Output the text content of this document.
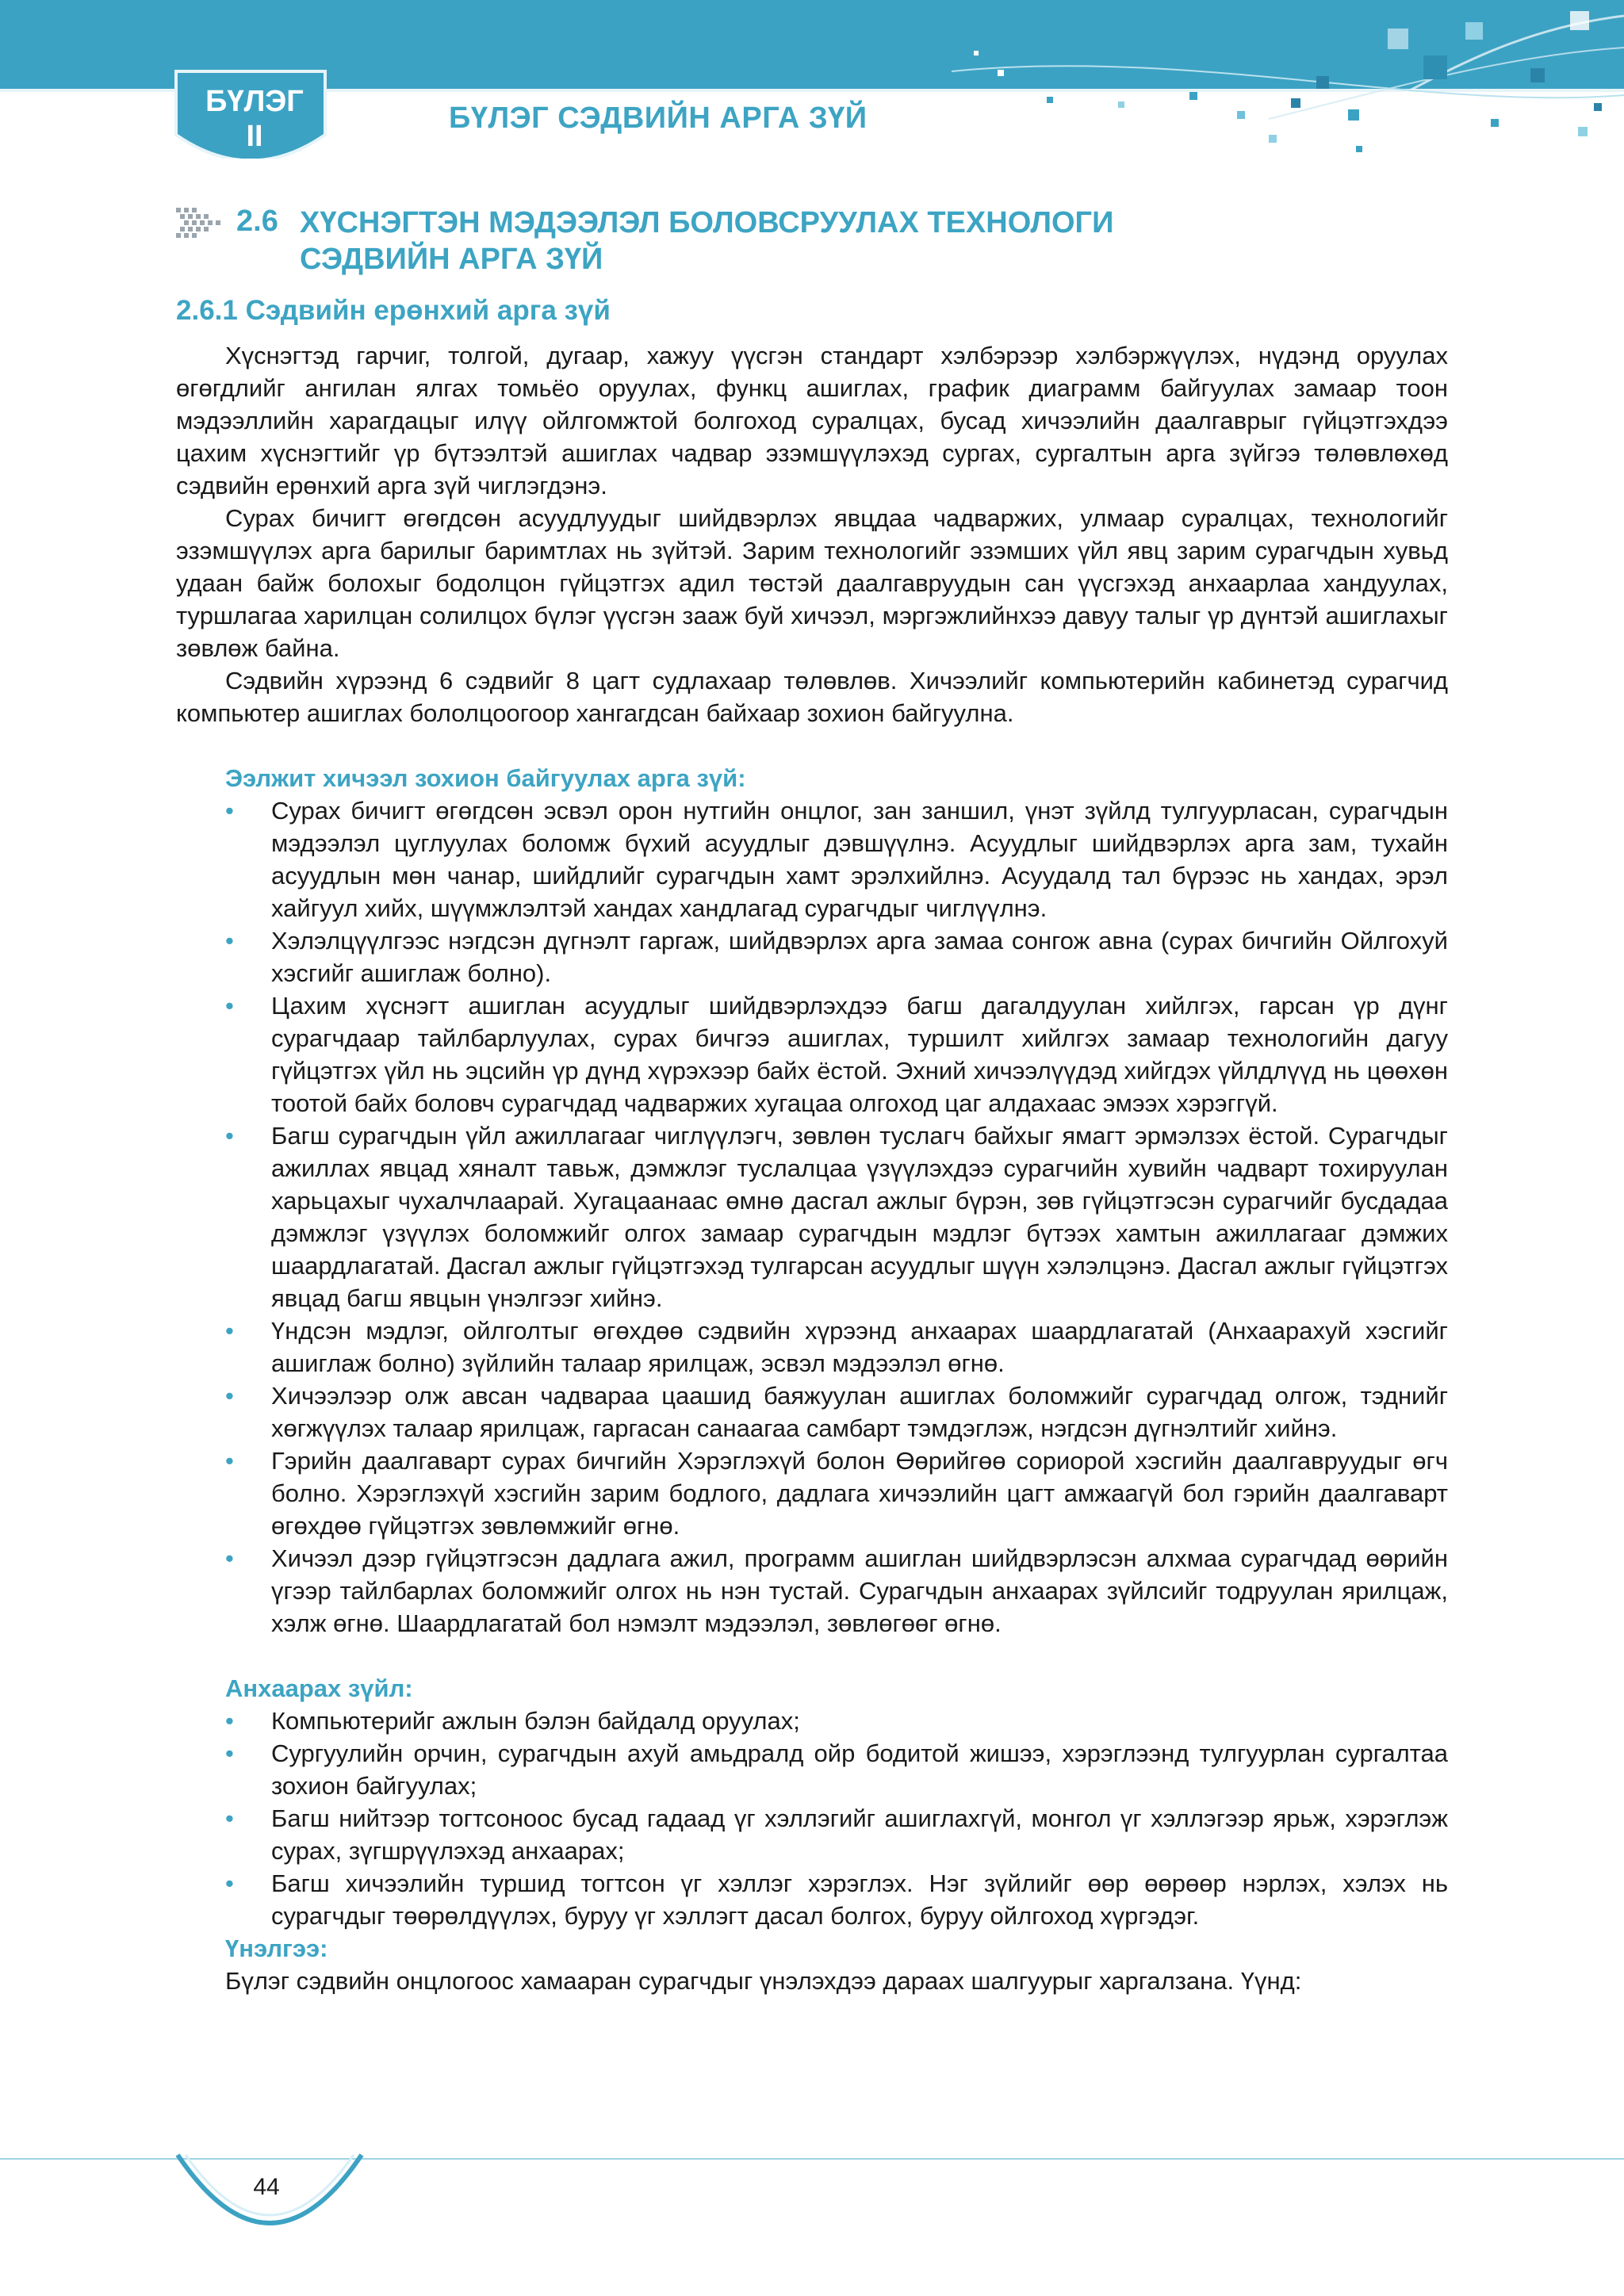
БҮЛЭГ
II
БҮЛЭГ СЭДВИЙН АРГА ЗҮЙ
2.6 ХҮСНЭГТЭН МЭДЭЭЛЭЛ БОЛОВСРУУЛАХ ТЕХНОЛОГИ
СЭДВИЙН АРГА ЗҮЙ
2.6.1 Сэдвийн ерөнхий арга зүй

Хүснэгтэд гарчиг, толгой, дугаар, хажуу үүсгэн стандарт хэлбэрээр хэлбэржүүлэх, нүдэнд оруулах өгөгдлийг ангилан ялгах томьёо оруулах, функц ашиглах, график диаграмм байгуулах замаар тоон мэдээллийн харагдацыг илүү ойлгомжтой болгоход суралцах, бусад хичээлийн даалгаврыг гүйцэтгэхдээ цахим хүснэгтийг үр бүтээлтэй ашиглах чадвар эзэмшүүлэхэд сургах, сургалтын арга зүйгээ төлөвлөхөд сэдвийн ерөнхий арга зүй чиглэгдэнэ.

Сурах бичигт өгөгдсөн асуудлуудыг шийдвэрлэх явцдаа чадваржих, улмаар суралцах, технологийг эзэмшүүлэх арга барилыг баримтлах нь зүйтэй. Зарим технологийг эзэмших үйл явц зарим сурагчдын хувьд удаан байж болохыг бодолцон гүйцэтгэх адил төстэй даалгавруудын сан үүсгэхэд анхаарлаа хандуулах, туршлагаа харилцан солилцох бүлэг үүсгэн зааж буй хичээл, мэргэжлийнхээ давуу талыг үр дүнтэй ашиглахыг зөвлөж байна.

Сэдвийн хүрээнд 6 сэдвийг 8 цагт судлахаар төлөвлөв. Хичээлийг компьютерийн кабинетэд сурагчид компьютер ашиглах бололцоогоор хангагдсан байхаар зохион байгуулна.

Ээлжит хичээл зохион байгуулах арга зүй:
• Сурах бичигт өгөгдсөн эсвэл орон нутгийн онцлог, зан заншил, үнэт зүйлд тулгуурласан, сурагчдын мэдээлэл цуглуулах боломж бүхий асуудлыг дэвшүүлнэ. Асуудлыг шийдвэрлэх арга зам, тухайн асуудлын мөн чанар, шийдлийг сурагчдын хамт эрэлхийлнэ. Асуудалд тал бүрээс нь хандах, эрэл хайгуул хийх, шүүмжлэлтэй хандах хандлагад сурагчдыг чиглүүлнэ.
• Хэлэлцүүлгээс нэгдсэн дүгнэлт гаргаж, шийдвэрлэх арга замаа сонгож авна (сурах бичгийн Ойлгохуй хэсгийг ашиглаж болно).
• Цахим хүснэгт ашиглан асуудлыг шийдвэрлэхдээ багш дагалдуулан хийлгэх, гарсан үр дүнг сурагчдаар тайлбарлуулах, сурах бичгээ ашиглах, туршилт хийлгэх замаар технологийн дагуу гүйцэтгэх үйл нь эцсийн үр дүнд хүрэхээр байх ёстой. Эхний хичээлүүдэд хийгдэх үйлдлүүд нь цөөхөн тоотой байх боловч сурагчдад чадваржих хугацаа олгоход цаг алдахаас эмээх хэрэггүй.
• Багш сурагчдын үйл ажиллагааг чиглүүлэгч, зөвлөн туслагч байхыг ямагт эрмэлзэх ёстой. Сурагчдыг ажиллах явцад хяналт тавьж, дэмжлэг туслалцаа үзүүлэхдээ сурагчийн хувийн чадварт тохируулан харьцахыг чухалчлаарай. Хугацаанаас өмнө дасгал ажлыг бүрэн, зөв гүйцэтгэсэн сурагчийг бусдадаа дэмжлэг үзүүлэх боломжийг олгох замаар сурагчдын мэдлэг бүтээх хамтын ажиллагааг дэмжих шаардлагатай. Дасгал ажлыг гүйцэтгэхэд тулгарсан асуудлыг шүүн хэлэлцэнэ. Дасгал ажлыг гүйцэтгэх явцад багш явцын үнэлгээг хийнэ.
• Үндсэн мэдлэг, ойлголтыг өгөхдөө сэдвийн хүрээнд анхаарах шаардлагатай (Анхаарахуй хэсгийг ашиглаж болно) зүйлийн талаар ярилцаж, эсвэл мэдээлэл өгнө.
• Хичээлээр олж авсан чадвараа цаашид баяжуулан ашиглах боломжийг сурагчдад олгож, тэднийг хөгжүүлэх талаар ярилцаж, гаргасан санаагаа самбарт тэмдэглэж, нэгдсэн дүгнэлтийг хийнэ.
• Гэрийн даалгаварт сурах бичгийн Хэрэглэхүй болон Өөрийгөө сориорой хэсгийн даалгавруудыг өгч болно. Хэрэглэхүй хэсгийн зарим бодлого, дадлага хичээлийн цагт амжаагүй бол гэрийн даалгаварт өгөхдөө гүйцэтгэх зөвлөмжийг өгнө.
• Хичээл дээр гүйцэтгэсэн дадлага ажил, программ ашиглан шийдвэрлэсэн алхмаа сурагчдад өөрийн үгээр тайлбарлах боломжийг олгох нь нэн тустай. Сурагчдын анхаарах зүйлсийг тодруулан ярилцаж, хэлж өгнө. Шаардлагатай бол нэмэлт мэдээлэл, зөвлөгөөг өгнө.
Анхаарах зүйл:
• Компьютерийг ажлын бэлэн байдалд оруулах;
• Сургуулийн орчин, сурагчдын ахуй амьдралд ойр бодитой жишээ, хэрэглээнд тулгуурлан сургалтаа зохион байгуулах;
• Багш нийтээр тогтсоноос бусад гадаад үг хэллэгийг ашиглахгүй, монгол үг хэллэгээр ярьж, хэрэглэж сурах, зүгшрүүлэхэд анхаарах;
• Багш хичээлийн туршид тогтсон үг хэллэг хэрэглэх. Нэг зүйлийг өөр өөрөөр нэрлэх, хэлэх нь сурагчдыг төөрөлдүүлэх, буруу үг хэллэгт дасал болгох, буруу ойлгоход хүргэдэг.
Үнэлгээ:
Бүлэг сэдвийн онцлогоос хамааран сурагчдыг үнэлэхдээ дараах шалгуурыг харгалзана. Үүнд:
44
